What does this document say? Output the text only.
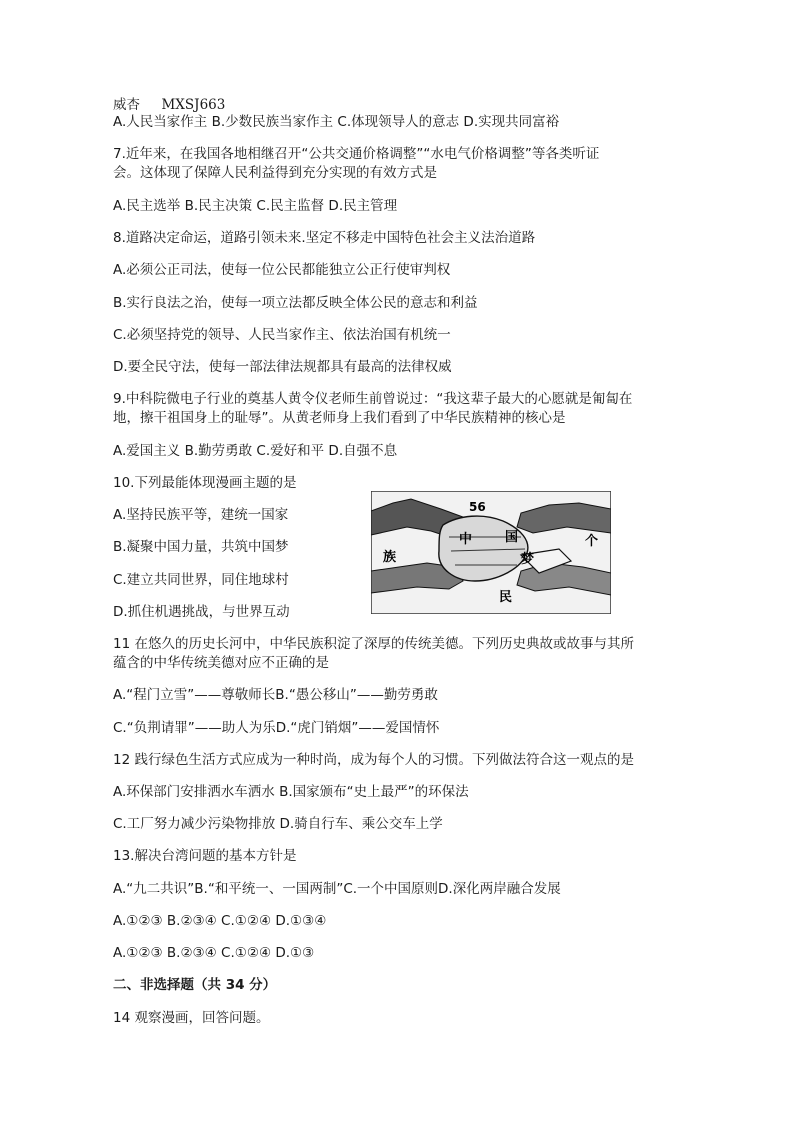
威杏 MXSJ663
A.人民当家作主 B.少数民族当家作主 C.体现领导人的意志 D.实现共同富裕
7.近年来，在我国各地相继召开“公共交通价格调整”“水电气价格调整”等各类听证
会。这体现了保障人民利益得到充分实现的有效方式是
A.民主选举 B.民主决策 C.民主监督 D.民主管理
8.道路决定命运，道路引领未来.坚定不移走中国特色社会主义法治道路
A.必须公正司法，使每一位公民都能独立公正行使审判权
B.实行良法之治，使每一项立法都反映全体公民的意志和利益
C.必须坚持党的领导、人民当家作主、依法治国有机统一
D.要全民守法，使每一部法律法规都具有最高的法律权威
9.中科院微电子行业的奠基人黄令仪老师生前曾说过：“我这辈子最大的心愿就是匍匐在
地，擦干祖国身上的耻辱”。从黄老师身上我们看到了中华民族精神的核心是
A.爱国主义 B.勤劳勇敢 C.爱好和平 D.自强不息
10.下列最能体现漫画主题的是
A.坚持民族平等，建统一国家
B.凝聚中国力量，共筑中国梦
C.建立共同世界，同住地球村
D.抓住机遇挑战，与世界互动
56
中	国	个
族	梦
民
11 在悠久的历史长河中，中华民族积淀了深厚的传统美德。下列历史典故或故事与其所
蕴含的中华传统美德对应不正确的是
A.“程门立雪”——尊敬师长B.“愚公移山”——勤劳勇敢
C.“负荆请罪”——助人为乐D.“虎门销烟”——爱国情怀
12 践行绿色生活方式应成为一种时尚，成为每个人的习惯。下列做法符合这一观点的是
A.环保部门安排洒水车洒水 B.国家颁布“史上最严”的环保法
C.工厂努力减少污染物排放 D.骑自行车、乘公交车上学
13.解决台湾问题的基本方针是
A.“九二共识”B.“和平统一、一国两制”C.一个中国原则D.深化两岸融合发展
A.①②③ B.②③④ C.①②④ D.①③④
A.①②③ B.②③④ C.①②④ D.①③
二、非选择题（共 34 分）
14 观察漫画，回答问题。
